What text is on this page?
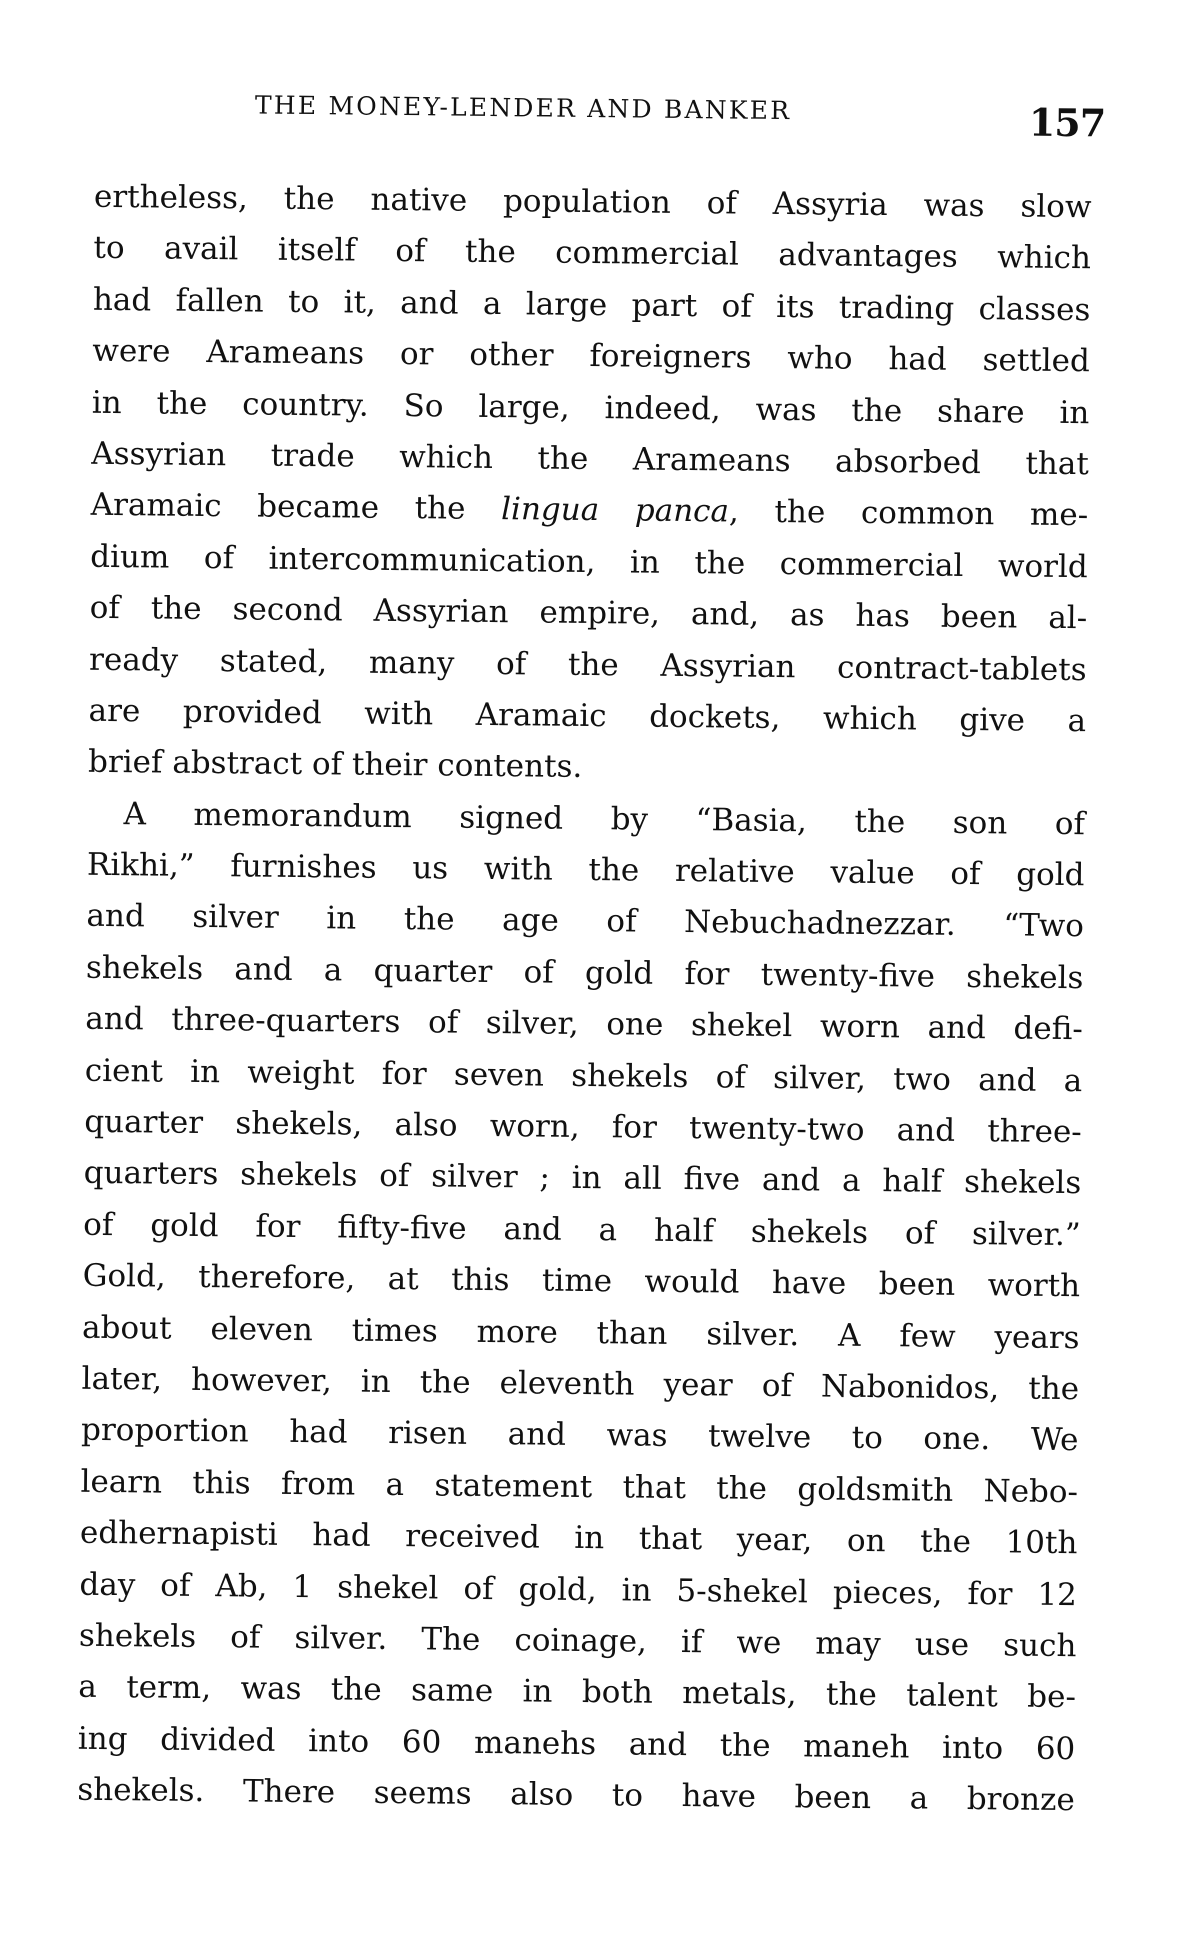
THE MONEY-LENDER AND BANKER	157
ertheless, the native population of Assyria was slow
to avail itself of the commercial advantages which
had fallen to it, and a large part of its trading classes
were Arameans or other foreigners who had settled
in the country. So large, indeed, was the share in
Assyrian trade which the Arameans absorbed that
Aramaic became the lingua panca, the common me-
dium of intercommunication, in the commercial world
of the second Assyrian empire, and, as has been al-
ready stated, many of the Assyrian contract-tablets
are provided with Aramaic dockets, which give a
brief abstract of their contents.
A memorandum signed by “Basia, the son of
Rikhi,” furnishes us with the relative value of gold
and silver in the age of Nebuchadnezzar. “Two
shekels and a quarter of gold for twenty-five shekels
and three-quarters of silver, one shekel worn and defi-
cient in weight for seven shekels of silver, two and a
quarter shekels, also worn, for twenty-two and three-
quarters shekels of silver ; in all five and a half shekels
of gold for fifty-five and a half shekels of silver.”
Gold, therefore, at this time would have been worth
about eleven times more than silver. A few years
later, however, in the eleventh year of Nabonidos, the
proportion had risen and was twelve to one. We
learn this from a statement that the goldsmith Nebo-
edhernapisti had received in that year, on the 10th
day of Ab, 1 shekel of gold, in 5-shekel pieces, for 12
shekels of silver. The coinage, if we may use such
a term, was the same in both metals, the talent be-
ing divided into 60 manehs and the maneh into 60
shekels. There seems also to have been a bronze
